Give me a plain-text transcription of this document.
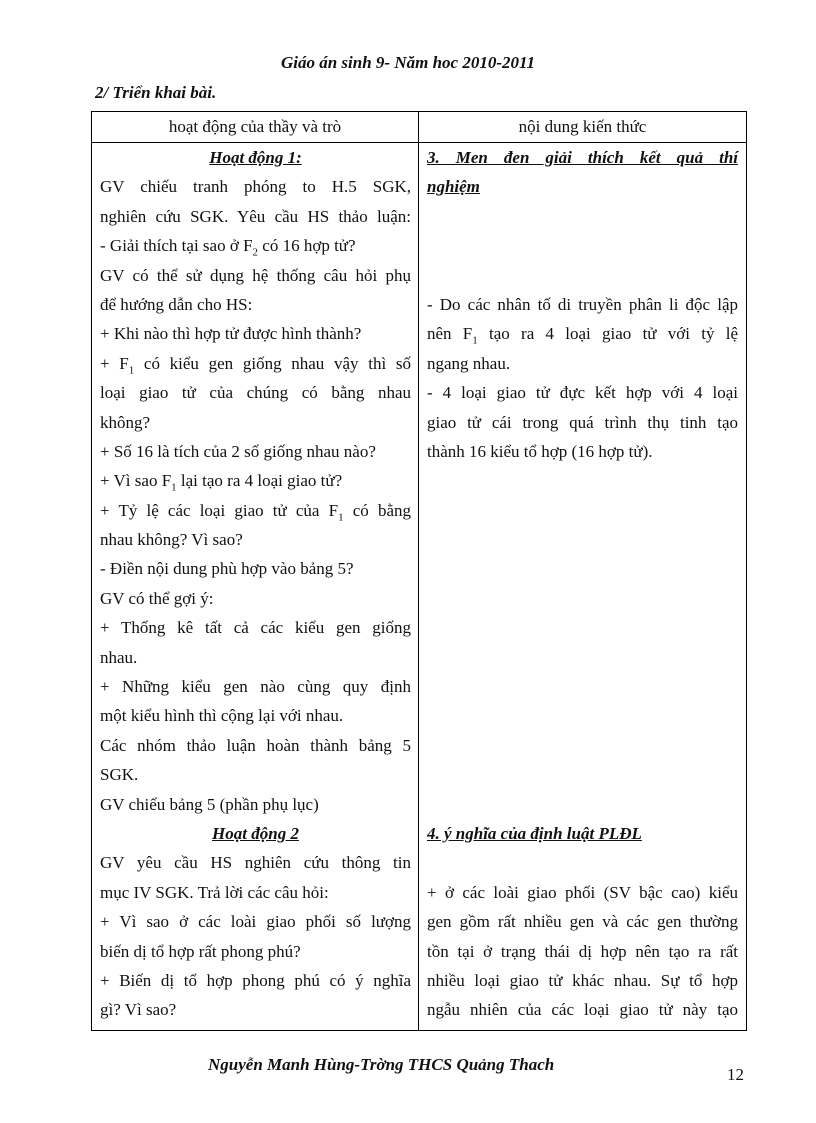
Giáo án sinh 9- Năm hoc 2010-2011
2/ Triển khai bài.
hoạt động của thầy và trò	nội dung kiến thức
Hoạt động 1:
GV chiếu tranh phóng to H.5 SGK,
nghiên cứu SGK. Yêu cầu HS thảo luận:
- Giải thích tại sao ở $F_2$ có 16 hợp tử?
GV có thể sử dụng hệ thống câu hỏi phụ
để hướng dẫn cho HS:
+ Khi nào thì hợp tử được hình thành?
+ $F_1$ có kiểu gen giống nhau vậy thì số
loại giao tử của chúng có bằng nhau
không?
+ Số 16 là tích của 2 số giống nhau nào?
+ Vì sao $F_1$ lại tạo ra 4 loại giao tử?
+ Tỷ lệ các loại giao tử của $F_1$ có bằng
nhau không? Vì sao?
- Điền nội dung phù hợp vào bảng 5?
GV có thể gợi ý:
+ Thống kê tất cả các kiểu gen giống
nhau.
+ Những kiểu gen nào cùng quy định
một kiểu hình thì cộng lại với nhau.
Các nhóm thảo luận hoàn thành bảng 5
SGK.
GV chiếu bảng 5 (phần phụ lục)
Hoạt động 2
GV yêu cầu HS nghiên cứu thông tin
mục IV SGK. Trả lời các câu hỏi:
+ Vì sao ở các loài giao phối số lượng
biến dị tổ hợp rất phong phú?
+ Biến dị tổ hợp phong phú có ý nghĩa
gì? Vì sao?
3. Men đen giải thích kết quả thí
nghiệm
- Do các nhân tố di truyền phân li độc lập
nên $F_1$ tạo ra 4 loại giao tử với tỷ lệ
ngang nhau.
- 4 loại giao tử đực kết hợp với 4 loại
giao tử cái trong quá trình thụ tinh tạo
thành 16 kiểu tổ hợp (16 hợp tử).
4. ý nghĩa của định luật PLĐL
+ ở các loài giao phối (SV bậc cao) kiểu
gen gồm rất nhiều gen và các gen thường
tồn tại ở trạng thái dị hợp nên tạo ra rất
nhiều loại giao tử khác nhau. Sự tổ hợp
ngẫu nhiên của các loại giao tử này tạo
Nguyễn Manh Hùng-Trờng THCS Quảng Thach
12
